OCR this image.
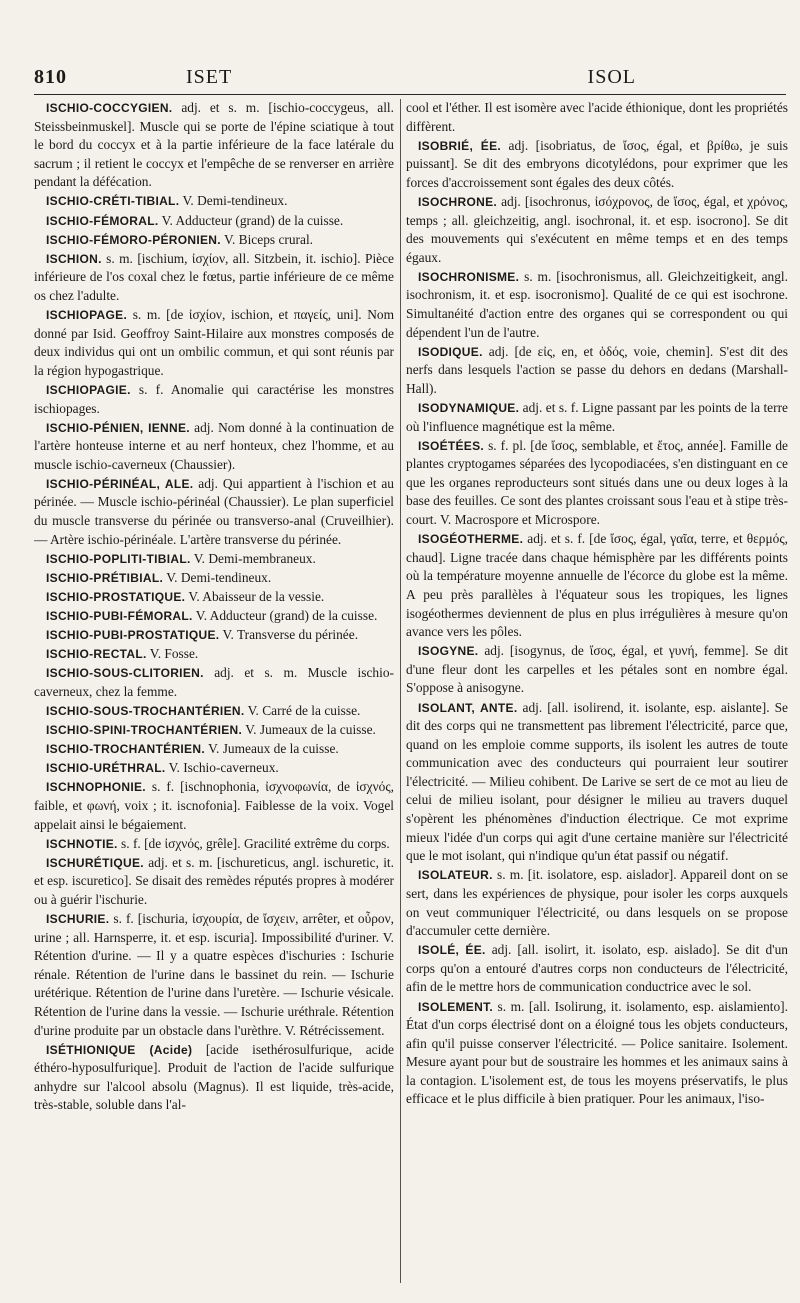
810	ISET	ISOL

ISCHIO-COCCYGIEN. adj. et s. m. [ischio-coccygeus, all. Steissbeinmuskel]. Muscle qui se porte de l'épine sciatique à tout le bord du coccyx et à la partie inférieure de la face latérale du sacrum ; il retient le coccyx et l'empêche de se renverser en arrière pendant la défécation.

ISCHIO-CRÉTI-TIBIAL. V. Demi-tendineux.

ISCHIO-FÉMORAL. V. Adducteur (grand) de la cuisse.

ISCHIO-FÉMORO-PÉRONIEN. V. Biceps crural.

ISCHION. s. m. [ischium, ἰσχίον, all. Sitzbein, it. ischio]. Pièce inférieure de l'os coxal chez le fœtus, partie inférieure de ce même os chez l'adulte.

ISCHIOPAGE. s. m. [de ἰσχίον, ischion, et παγείς, uni]. Nom donné par Isid. Geoffroy Saint-Hilaire aux monstres composés de deux individus qui ont un ombilic commun, et qui sont réunis par la région hypogastrique.

ISCHIOPAGIE. s. f. Anomalie qui caractérise les monstres ischiopages.

ISCHIO-PÉNIEN, IENNE. adj. Nom donné à la continuation de l'artère honteuse interne et au nerf honteux, chez l'homme, et au muscle ischio-caverneux (Chaussier).

ISCHIO-PÉRINÉAL, ALE. adj. Qui appartient à l'ischion et au périnée. — Muscle ischio-périnéal (Chaussier). Le plan superficiel du muscle transverse du périnée ou transverso-anal (Cruveilhier). — Artère ischio-périnéale. L'artère transverse du périnée.

ISCHIO-POPLITI-TIBIAL. V. Demi-membraneux.

ISCHIO-PRÉTIBIAL. V. Demi-tendineux.

ISCHIO-PROSTATIQUE. V. Abaisseur de la vessie.

ISCHIO-PUBI-FÉMORAL. V. Adducteur (grand) de la cuisse.

ISCHIO-PUBI-PROSTATIQUE. V. Transverse du périnée.

ISCHIO-RECTAL. V. Fosse.

ISCHIO-SOUS-CLITORIEN. adj. et s. m. Muscle ischio-caverneux, chez la femme.

ISCHIO-SOUS-TROCHANTÉRIEN. V. Carré de la cuisse.

ISCHIO-SPINI-TROCHANTÉRIEN. V. Jumeaux de la cuisse.

ISCHIO-TROCHANTÉRIEN. V. Jumeaux de la cuisse.

ISCHIO-URÉTHRAL. V. Ischio-caverneux.

ISCHNOPHONIE. s. f. [ischnophonia, ἰσχνοφωνία, de ἰσχνός, faible, et φωνή, voix ; it. iscnofonia]. Faiblesse de la voix. Vogel appelait ainsi le bégaiement.

ISCHNOTIE. s. f. [de ἰσχνός, grêle]. Gracilité extrême du corps.

ISCHURÉTIQUE. adj. et s. m. [ischureticus, angl. ischuretic, it. et esp. iscuretico]. Se disait des remèdes réputés propres à modérer ou à guérir l'ischurie.

ISCHURIE. s. f. [ischuria, ἰσχουρία, de ἴσχειν, arrêter, et οὖρον, urine ; all. Harnsperre, it. et esp. iscuria]. Impossibilité d'uriner. V. Rétention d'urine. — Il y a quatre espèces d'ischuries : Ischurie rénale. Rétention de l'urine dans le bassinet du rein. — Ischurie urétérique. Rétention de l'urine dans l'uretère. — Ischurie vésicale. Rétention de l'urine dans la vessie. — Ischurie uréthrale. Rétention d'urine produite par un obstacle dans l'urèthre. V. Rétrécissement.

ISÉTHIONIQUE (Acide) [acide isethérosulfurique, acide éthéro-hyposulfurique]. Produit de l'action de l'acide sulfurique anhydre sur l'alcool absolu (Magnus). Il est liquide, très-acide, très-stable, soluble dans l'al-

cool et l'éther. Il est isomère avec l'acide éthionique, dont les propriétés diffèrent.

ISOBRIÉ, ÉE. adj. [isobriatus, de ἴσος, égal, et βρίθω, je suis puissant]. Se dit des embryons dicotylédons, pour exprimer que les forces d'accroissement sont égales des deux côtés.

ISOCHRONE. adj. [isochronus, ἰσόχρονος, de ἴσος, égal, et χρόνος, temps ; all. gleichzeitig, angl. isochronal, it. et esp. isocrono]. Se dit des mouvements qui s'exécutent en même temps et en des temps égaux.

ISOCHRONISME. s. m. [isochronismus, all. Gleichzeitigkeit, angl. isochronism, it. et esp. isocronismo]. Qualité de ce qui est isochrone. Simultanéité d'action entre des organes qui se correspondent ou qui dépendent l'un de l'autre.

ISODIQUE. adj. [de εἰς, en, et ὁδός, voie, chemin]. S'est dit des nerfs dans lesquels l'action se passe du dehors en dedans (Marshall-Hall).

ISODYNAMIQUE. adj. et s. f. Ligne passant par les points de la terre où l'influence magnétique est la même.

ISOÉTÉES. s. f. pl. [de ἴσος, semblable, et ἔτος, année]. Famille de plantes cryptogames séparées des lycopodiacées, s'en distinguant en ce que les organes reproducteurs sont situés dans une ou deux loges à la base des feuilles. Ce sont des plantes croissant sous l'eau et à stipe très-court. V. Macrospore et Microspore.

ISOGÉOTHERME. adj. et s. f. [de ἴσος, égal, γαῖα, terre, et θερμός, chaud]. Ligne tracée dans chaque hémisphère par les différents points où la température moyenne annuelle de l'écorce du globe est la même. A peu près parallèles à l'équateur sous les tropiques, les lignes isogéothermes deviennent de plus en plus irrégulières à mesure qu'on avance vers les pôles.

ISOGYNE. adj. [isogynus, de ἴσος, égal, et γυνή, femme]. Se dit d'une fleur dont les carpelles et les pétales sont en nombre égal. S'oppose à anisogyne.

ISOLANT, ANTE. adj. [all. isolirend, it. isolante, esp. aislante]. Se dit des corps qui ne transmettent pas librement l'électricité, parce que, quand on les emploie comme supports, ils isolent les autres de toute communication avec des conducteurs qui pourraient leur soutirer l'électricité. — Milieu cohibent. De Larive se sert de ce mot au lieu de celui de milieu isolant, pour désigner le milieu au travers duquel s'opèrent les phénomènes d'induction électrique. Ce mot exprime mieux l'idée d'un corps qui agit d'une certaine manière sur l'électricité que le mot isolant, qui n'indique qu'un état passif ou négatif.

ISOLATEUR. s. m. [it. isolatore, esp. aislador]. Appareil dont on se sert, dans les expériences de physique, pour isoler les corps auxquels on veut communiquer l'électricité, ou dans lesquels on se propose d'accumuler cette dernière.

ISOLÉ, ÉE. adj. [all. isolirt, it. isolato, esp. aislado]. Se dit d'un corps qu'on a entouré d'autres corps non conducteurs de l'électricité, afin de le mettre hors de communication conductrice avec le sol.

ISOLEMENT. s. m. [all. Isolirung, it. isolamento, esp. aislamiento]. État d'un corps électrisé dont on a éloigné tous les objets conducteurs, afin qu'il puisse conserver l'électricité. — Police sanitaire. Isolement. Mesure ayant pour but de soustraire les hommes et les animaux sains à la contagion. L'isolement est, de tous les moyens préservatifs, le plus efficace et le plus difficile à bien pratiquer. Pour les animaux, l'iso-
